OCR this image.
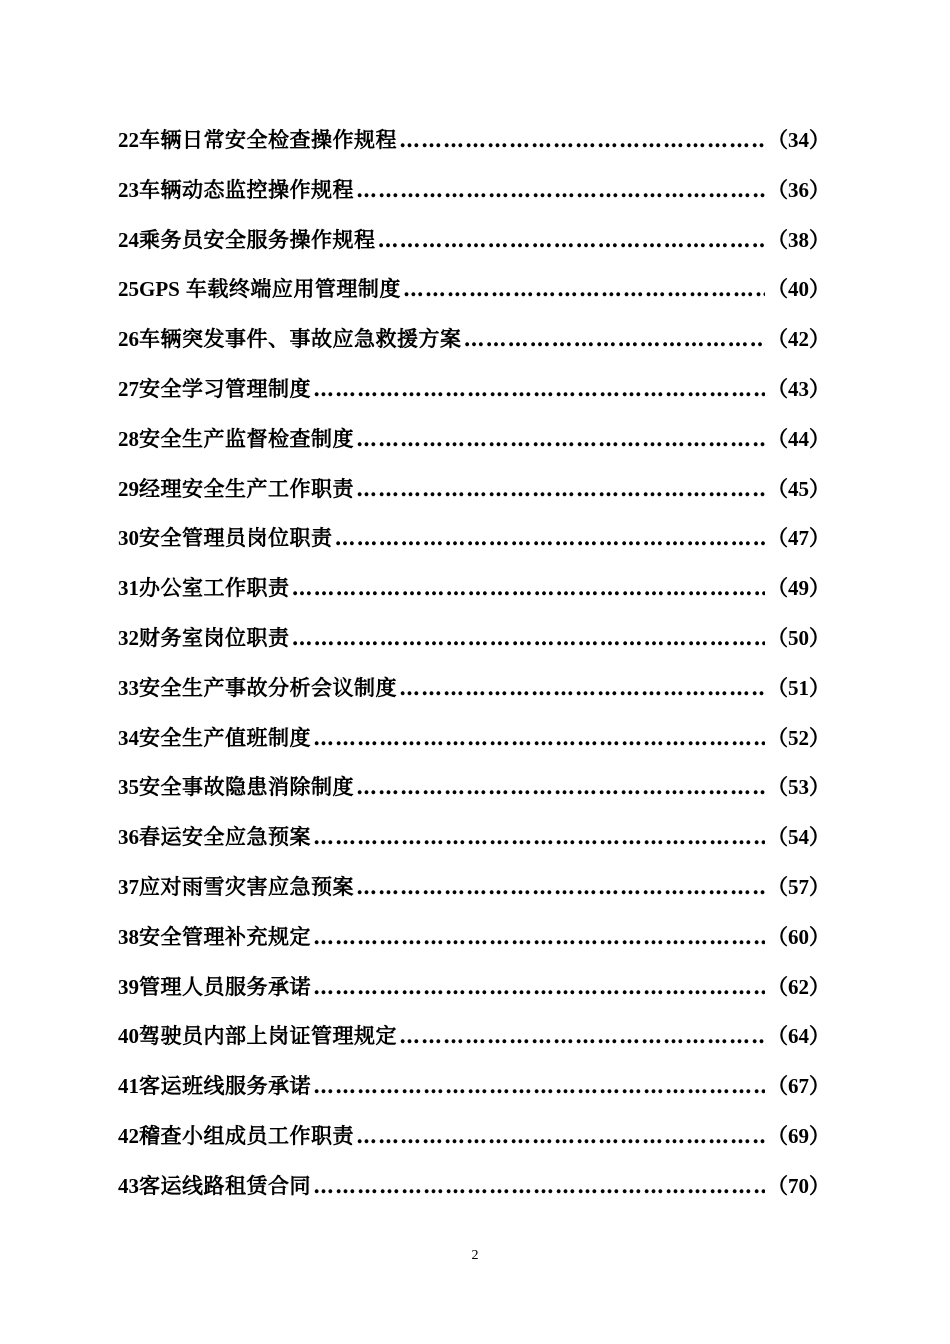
22 车辆日常安全检查操作规程 ………………………………………………………………………………………………………………………………………………………………	（34）
23 车辆动态监控操作规程 ………………………………………………………………………………………………………………………………………………………………	（36）
24 乘务员安全服务操作规程 ………………………………………………………………………………………………………………………………………………………………	（38）
25GPS 车载终端应用管理制度 ………………………………………………………………………………………………………………………………………………………………	（40）
26 车辆突发事件、事故应急救援方案 ………………………………………………………………………………………………………………………………………………………………	（42）
27 安全学习管理制度 ………………………………………………………………………………………………………………………………………………………………	（43）
28 安全生产监督检查制度 ………………………………………………………………………………………………………………………………………………………………	（44）
29 经理安全生产工作职责 ………………………………………………………………………………………………………………………………………………………………	（45）
30 安全管理员岗位职责 ………………………………………………………………………………………………………………………………………………………………	（47）
31 办公室工作职责 ………………………………………………………………………………………………………………………………………………………………	（49）
32 财务室岗位职责 ………………………………………………………………………………………………………………………………………………………………	（50）
33 安全生产事故分析会议制度 ………………………………………………………………………………………………………………………………………………………………	（51）
34 安全生产值班制度 ………………………………………………………………………………………………………………………………………………………………	（52）
35 安全事故隐患消除制度 ………………………………………………………………………………………………………………………………………………………………	（53）
36 春运安全应急预案 ………………………………………………………………………………………………………………………………………………………………	（54）
37 应对雨雪灾害应急预案 ………………………………………………………………………………………………………………………………………………………………	（57）
38 安全管理补充规定 ………………………………………………………………………………………………………………………………………………………………	（60）
39 管理人员服务承诺 ………………………………………………………………………………………………………………………………………………………………	（62）
40 驾驶员内部上岗证管理规定 ………………………………………………………………………………………………………………………………………………………………	（64）
41 客运班线服务承诺 ………………………………………………………………………………………………………………………………………………………………	（67）
42 稽查小组成员工作职责 ………………………………………………………………………………………………………………………………………………………………	（69）
43 客运线路租赁合同 ………………………………………………………………………………………………………………………………………………………………	（70）
2
